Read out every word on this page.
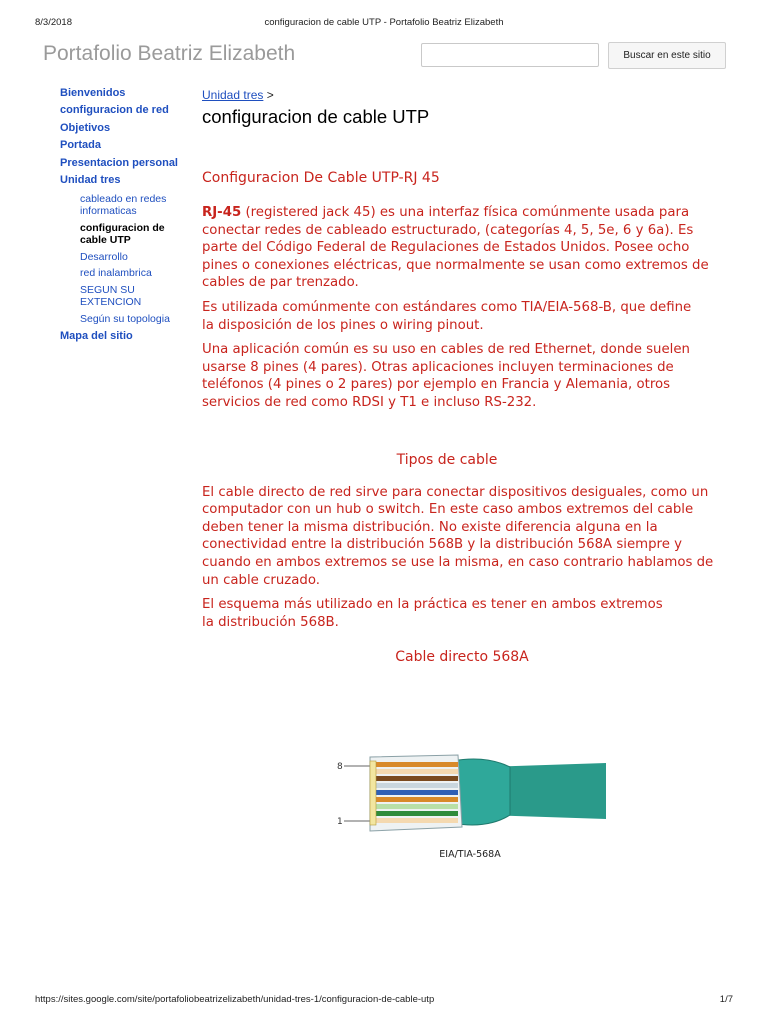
8/3/2018	configuracion de cable UTP - Portafolio Beatriz Elizabeth
Portafolio Beatriz Elizabeth	Buscar en este sitio
Bienvenidos
configuracion de red
Objetivos
Portada
Presentacion personal
Unidad tres
cableado en redes informaticas
configuracion de cable UTP
Desarrollo
red inalambrica
SEGUN SU EXTENCION
Según su topologia
Mapa del sitio
Unidad tres >
configuracion de cable UTP
Configuracion De Cable UTP-RJ 45

RJ-45 (registered jack 45) es una interfaz física comúnmente usada para conectar redes de cableado estructurado, (categorías 4, 5, 5e, 6 y 6a). Es parte del Código Federal de Regulaciones de Estados Unidos. Posee ocho pines o conexiones eléctricas, que normalmente se usan como extremos de cables de par trenzado.

Es utilizada comúnmente con estándares como TIA/EIA-568-B, que define la disposición de los pines o wiring pinout.

Una aplicación común es su uso en cables de red Ethernet, donde suelen usarse 8 pines (4 pares). Otras aplicaciones incluyen terminaciones de teléfonos (4 pines o 2 pares) por ejemplo en Francia y Alemania, otros servicios de red como RDSI y T1 e incluso RS-232.

Tipos de cable

El cable directo de red sirve para conectar dispositivos desiguales, como un computador con un hub o switch. En este caso ambos extremos del cable deben tener la misma distribución. No existe diferencia alguna en la conectividad entre la distribución 568B y la distribución 568A siempre y cuando en ambos extremos se use la misma, en caso contrario hablamos de un cable cruzado.

El esquema más utilizado en la práctica es tener en ambos extremos la distribución 568B.

Cable directo 568A
8
1
EIA/TIA-568A
https://sites.google.com/site/portafoliobeatrizelizabeth/unidad-tres-1/configuracion-de-cable-utp	1/7
